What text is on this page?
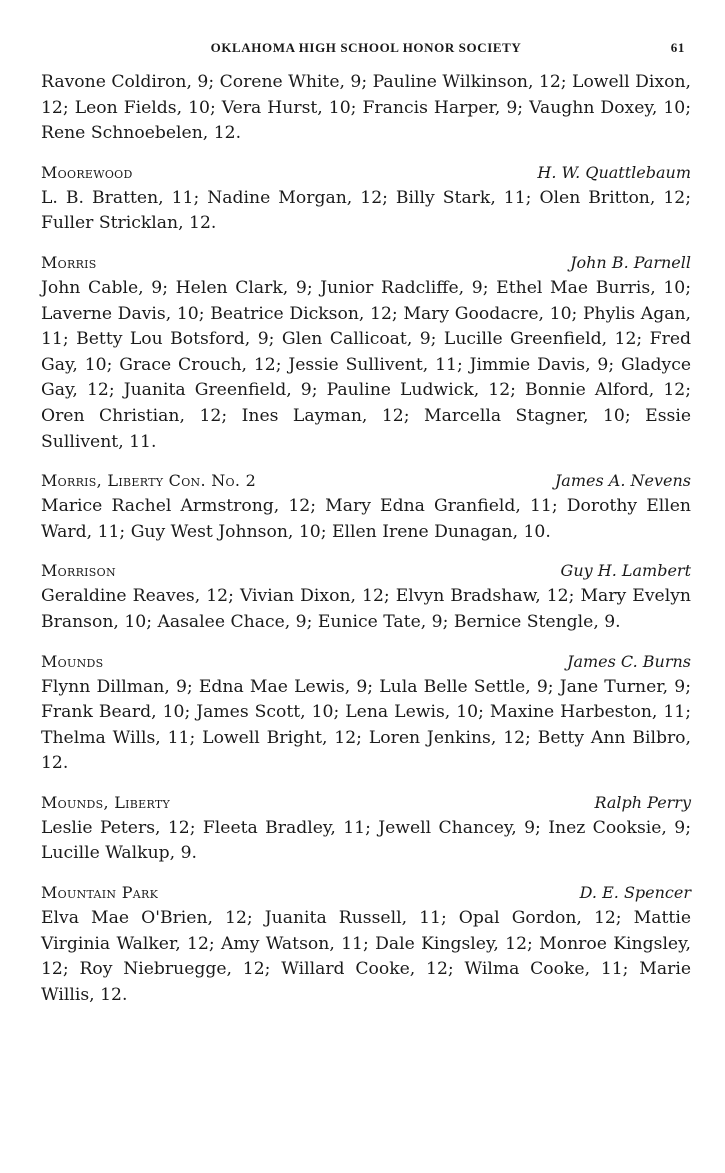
OKLAHOMA HIGH SCHOOL HONOR SOCIETY	61

Ravone Coldiron, 9; Corene White, 9; Pauline Wilkinson, 12; Lowell Dixon, 12; Leon Fields, 10; Vera Hurst, 10; Francis Harper, 9; Vaughn Doxey, 10; Rene Schnoebelen, 12.

Moorewood	H. W. Quattlebaum

L. B. Bratten, 11; Nadine Morgan, 12; Billy Stark, 11; Olen Britton, 12; Fuller Stricklan, 12.

Morris	John B. Parnell

John Cable, 9; Helen Clark, 9; Junior Radcliffe, 9; Ethel Mae Burris, 10; Laverne Davis, 10; Beatrice Dickson, 12; Mary Goodacre, 10; Phylis Agan, 11; Betty Lou Botsford, 9; Glen Callicoat, 9; Lucille Greenfield, 12; Fred Gay, 10; Grace Crouch, 12; Jessie Sullivent, 11; Jimmie Davis, 9; Gladyce Gay, 12; Juanita Greenfield, 9; Pauline Ludwick, 12; Bonnie Alford, 12; Oren Christian, 12; Ines Layman, 12; Marcella Stagner, 10; Essie Sullivent, 11.

Morris, Liberty Con. No. 2	James A. Nevens

Marice Rachel Armstrong, 12; Mary Edna Granfield, 11; Dorothy Ellen Ward, 11; Guy West Johnson, 10; Ellen Irene Dunagan, 10.

Morrison	Guy H. Lambert

Geraldine Reaves, 12; Vivian Dixon, 12; Elvyn Bradshaw, 12; Mary Evelyn Branson, 10; Aasalee Chace, 9; Eunice Tate, 9; Bernice Stengle, 9.

Mounds	James C. Burns

Flynn Dillman, 9; Edna Mae Lewis, 9; Lula Belle Settle, 9; Jane Turner, 9; Frank Beard, 10; James Scott, 10; Lena Lewis, 10; Maxine Harbeston, 11; Thelma Wills, 11; Lowell Bright, 12; Loren Jenkins, 12; Betty Ann Bilbro, 12.

Mounds, Liberty	Ralph Perry

Leslie Peters, 12; Fleeta Bradley, 11; Jewell Chancey, 9; Inez Cooksie, 9; Lucille Walkup, 9.

Mountain Park	D. E. Spencer

Elva Mae O'Brien, 12; Juanita Russell, 11; Opal Gordon, 12; Mattie Virginia Walker, 12; Amy Watson, 11; Dale Kingsley, 12; Monroe Kingsley, 12; Roy Niebruegge, 12; Willard Cooke, 12; Wilma Cooke, 11; Marie Willis, 12.
